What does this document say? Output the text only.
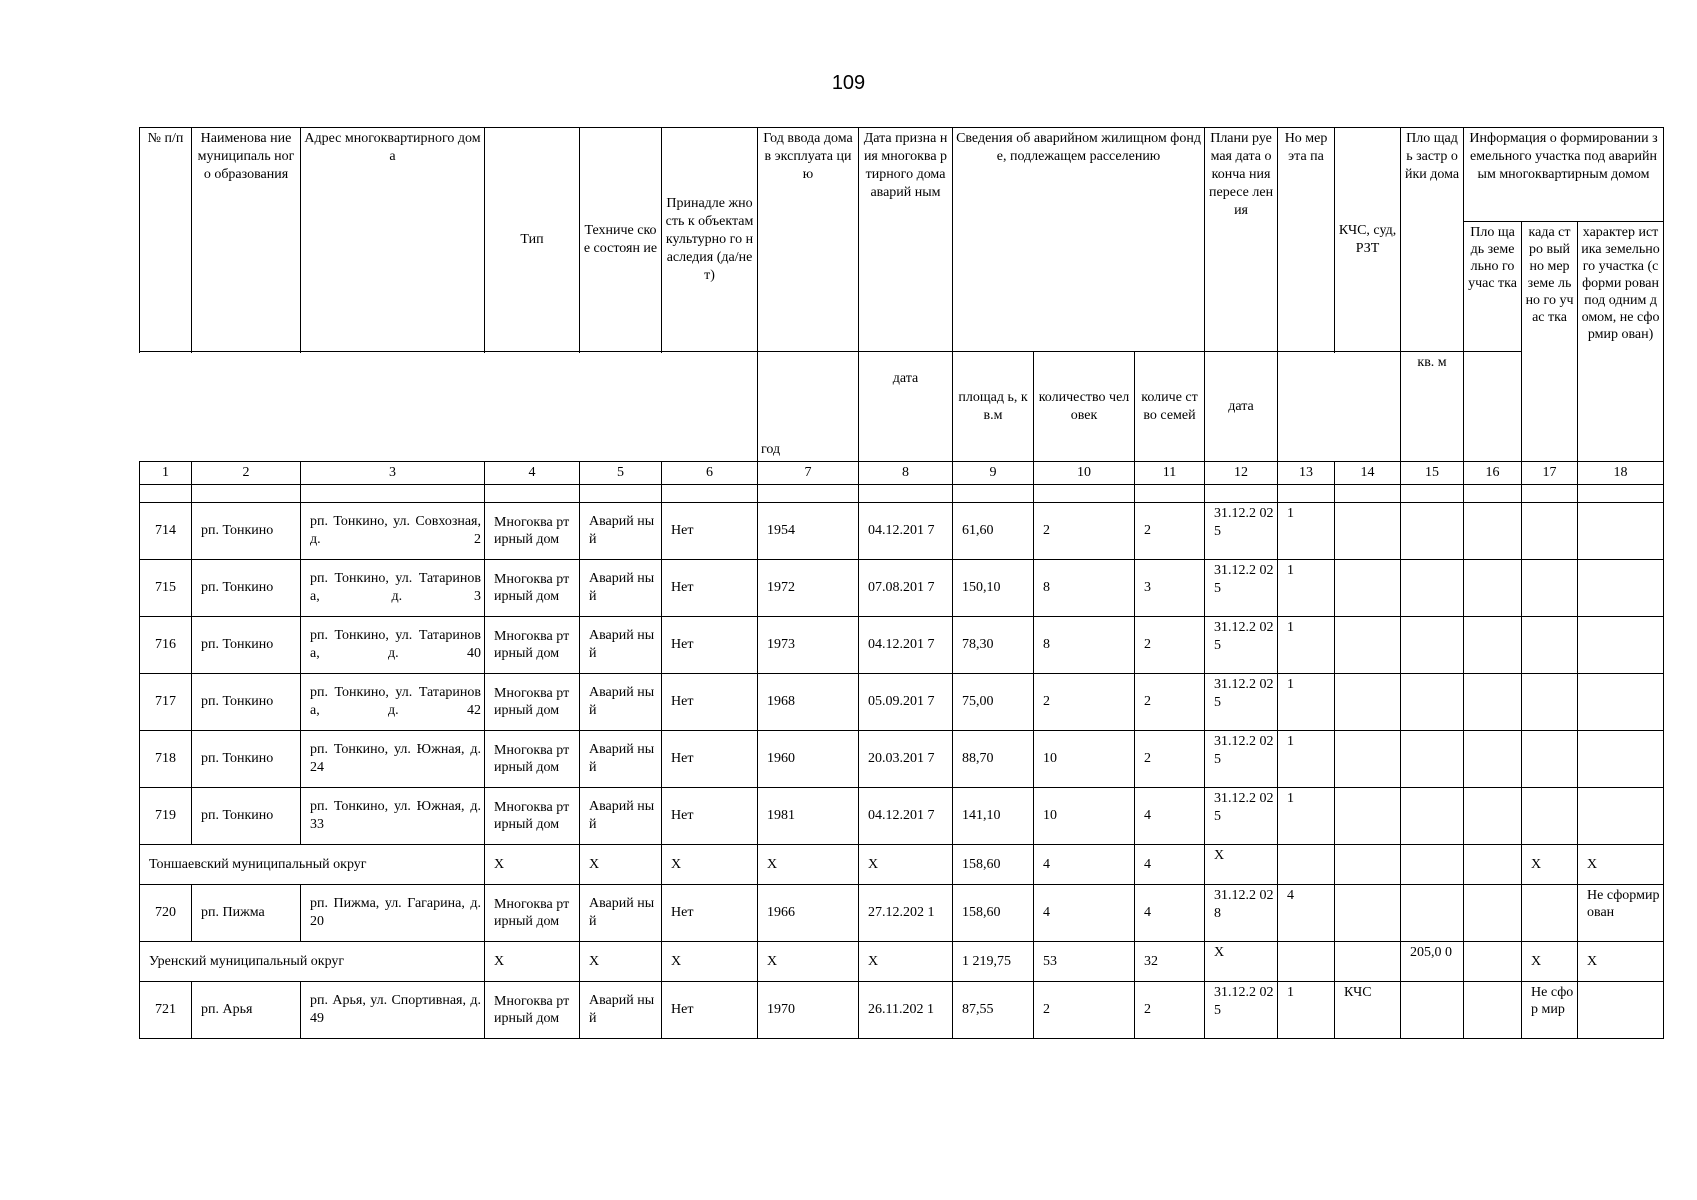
109
№ п/п	Наименова ние муниципаль ного образования	Адрес многоквартирного дома	Тип	Техниче ское состоян ие	Принадле жность к объектам культурно го наследия (да/нет)	Год ввода дома в эксплуата цию	Дата призна ния многоква ртирного дома аварий ным	Сведения об аварийном жилищном фонде, подлежащем расселению			Плани руемая дата оконча ния пересе ления	Но мер эта па	КЧС, суд, РЗТ	Пло щадь застр ойки дома	Информация о формировании земельного участка под аварийным многоквартирным домом			
															Пло щадь земе льно го учас тка	када стро вый но мер земе льно го учас тка	характер истика земельно го участка (сформи рован под одним домом, не сформир ован)	
						год	дата	площад ь, кв.м	количество человек	количе ство семей	дата			кв. м				

1	2	3	4	5	6	7	8	9	10	11	12	13	14	15	16	17	18	

714	рп. Тонкино	рп. Тонкино, ул. Совхозная, д. 2	Многоква ртирный дом	Аварий ный	Нет	1954	04.12.201 7	61,60	2	2	31.12.2 025	1						
715	рп. Тонкино	рп. Тонкино, ул. Татаринова, д. 3	Многоква ртирный дом	Аварий ный	Нет	1972	07.08.201 7	150,10	8	3	31.12.2 025	1						
716	рп. Тонкино	рп. Тонкино, ул. Татаринова, д. 40	Многоква ртирный дом	Аварий ный	Нет	1973	04.12.201 7	78,30	8	2	31.12.2 025	1						
717	рп. Тонкино	рп. Тонкино, ул. Татаринова, д. 42	Многоква ртирный дом	Аварий ный	Нет	1968	05.09.201 7	75,00	2	2	31.12.2 025	1						
718	рп. Тонкино	рп. Тонкино, ул. Южная, д. 24	Многоква ртирный дом	Аварий ный	Нет	1960	20.03.201 7	88,70	10	2	31.12.2 025	1						
719	рп. Тонкино	рп. Тонкино, ул. Южная, д. 33	Многоква ртирный дом	Аварий ный	Нет	1981	04.12.201 7	141,10	10	4	31.12.2 025	1						
Тоншаевский муниципальный округ			X	X	X	X	X	158,60	4	4	X					X	X	
720	рп. Пижма	рп. Пижма, ул. Гагарина, д. 20	Многоква ртирный дом	Аварий ный	Нет	1966	27.12.202 1	158,60	4	4	31.12.2 028	4					Не сформир ован	
Уренский муниципальный округ			X	X	X	X	X	1 219,75	53	32	X			205,0 0		X	X	
721	рп. Арья	рп. Арья, ул. Спортивная, д. 49	Многоква ртирный дом	Аварий ный	Нет	1970	26.11.202 1	87,55	2	2	31.12.2 025	1	КЧС			Не сфор мир		
